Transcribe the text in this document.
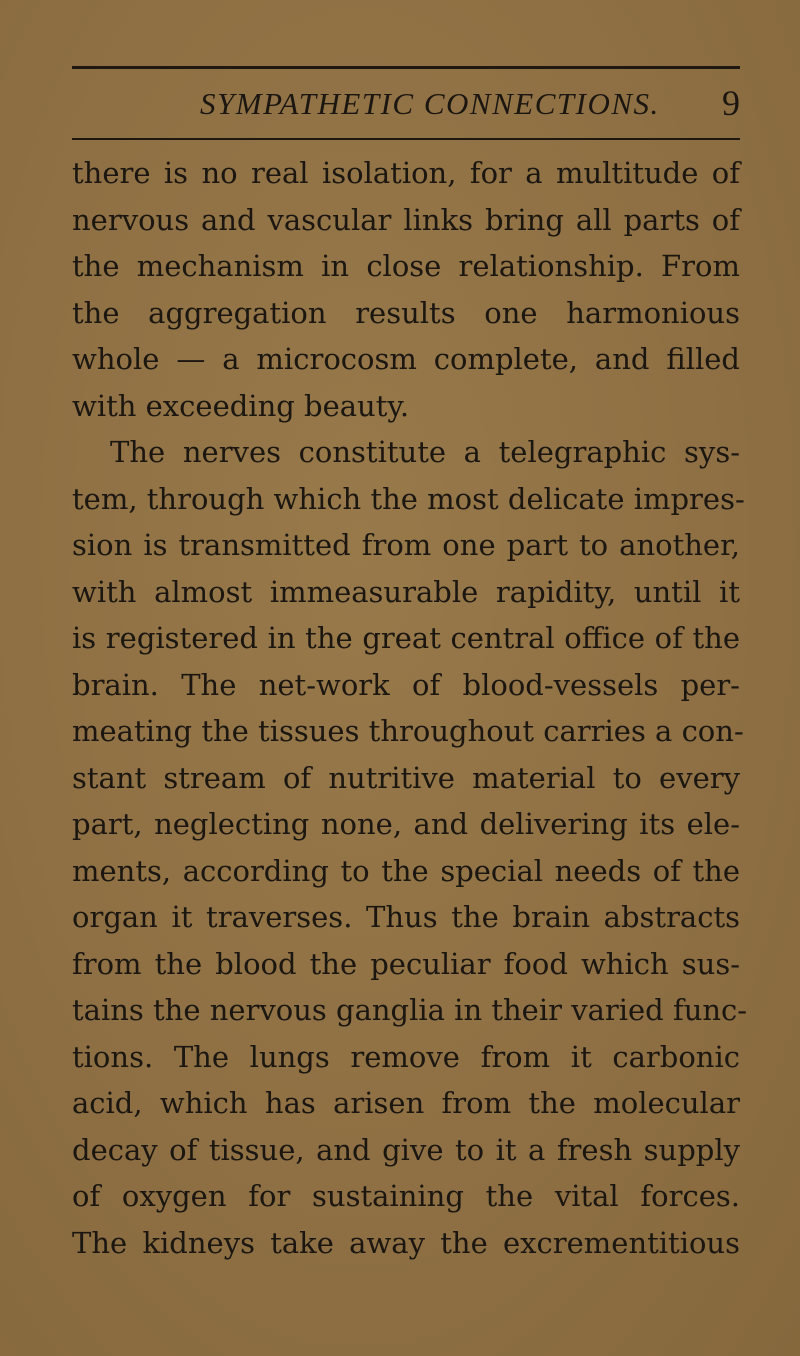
SYMPATHETIC CONNECTIONS. 9
there is no real isolation, for a multitude of
nervous and vascular links bring all parts of
the mechanism in close relationship. From
the aggregation results one harmonious
whole — a microcosm complete, and filled
with exceeding beauty.
The nerves constitute a telegraphic sys-
tem, through which the most delicate impres-
sion is transmitted from one part to another,
with almost immeasurable rapidity, until it
is registered in the great central office of the
brain. The net-work of blood-vessels per-
meating the tissues throughout carries a con-
stant stream of nutritive material to every
part, neglecting none, and delivering its ele-
ments, according to the special needs of the
organ it traverses. Thus the brain abstracts
from the blood the peculiar food which sus-
tains the nervous ganglia in their varied func-
tions. The lungs remove from it carbonic
acid, which has arisen from the molecular
decay of tissue, and give to it a fresh supply
of oxygen for sustaining the vital forces.
The kidneys take away the excrementitious
